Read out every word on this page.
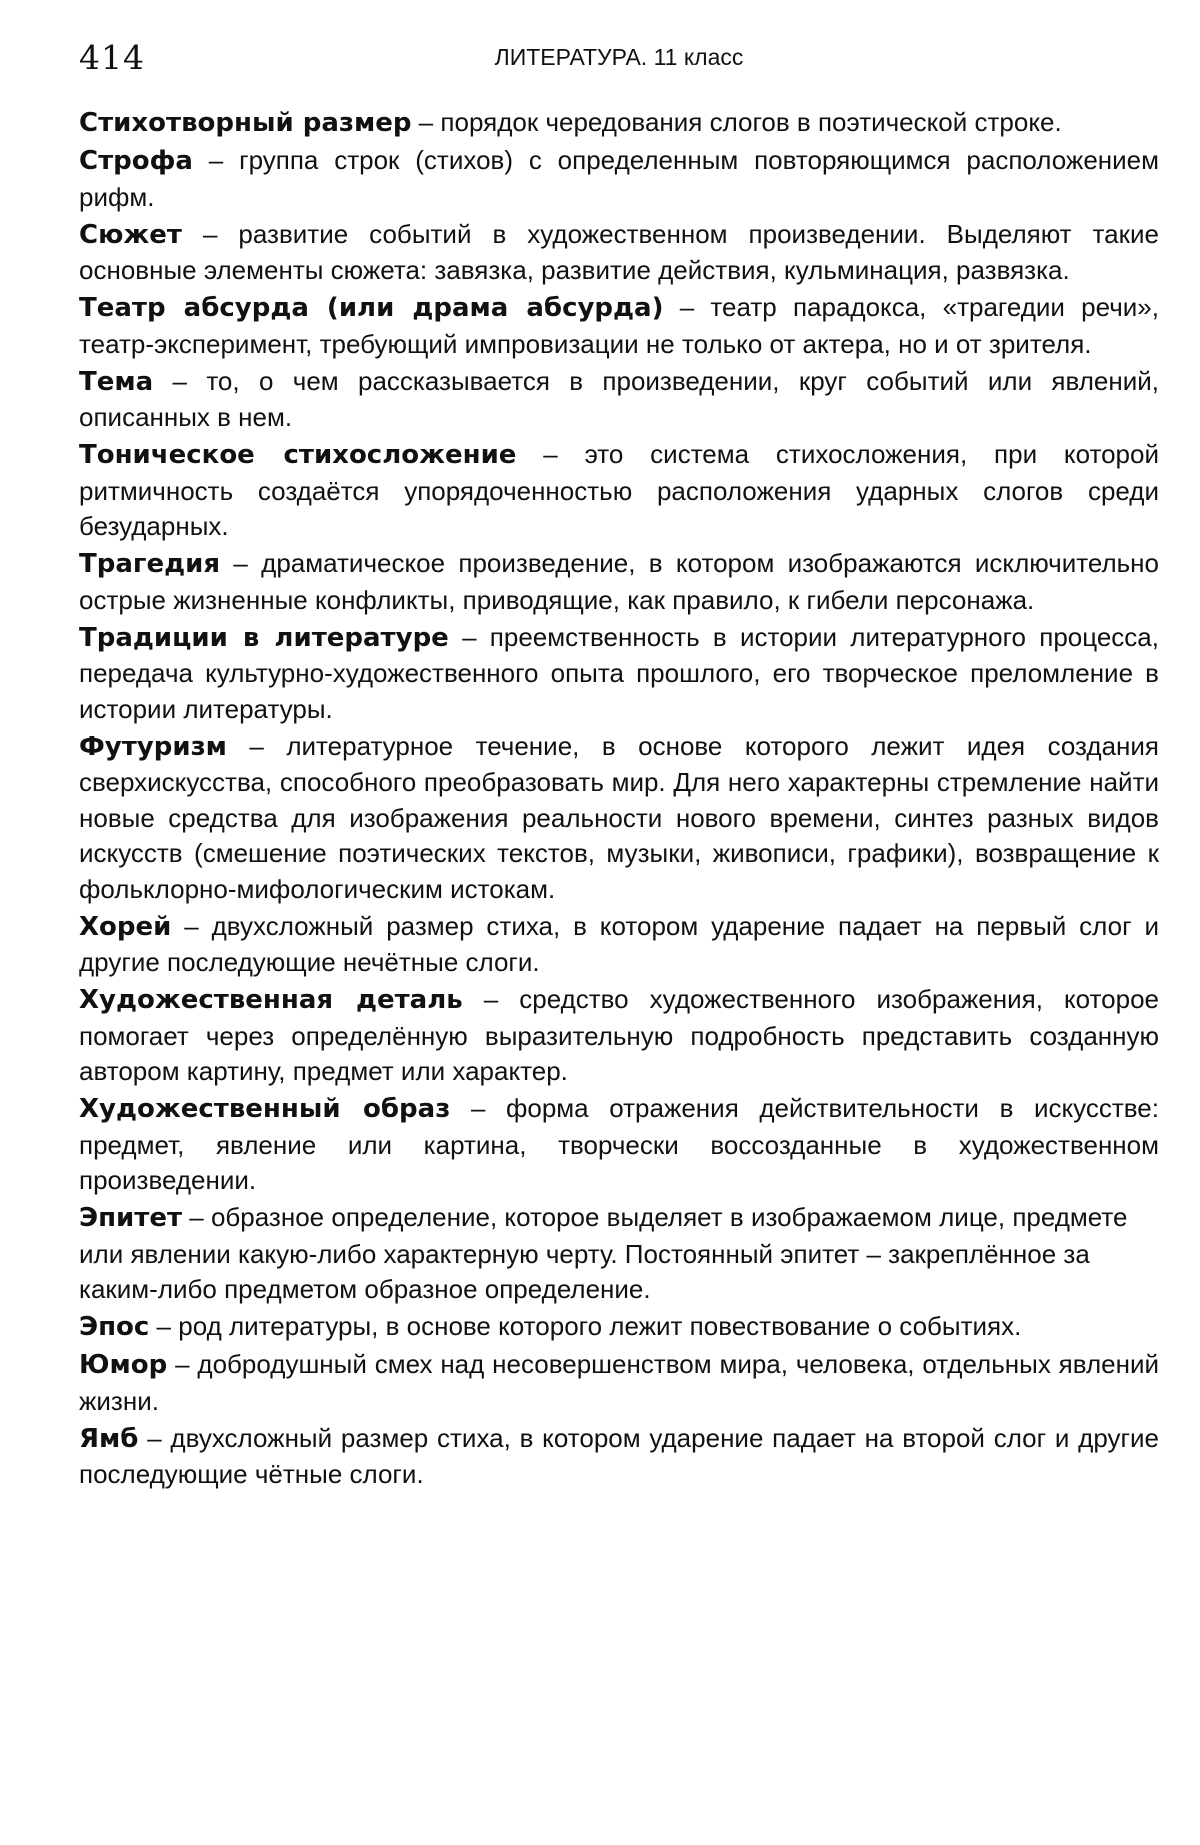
414	ЛИТЕРАТУРА. 11 класс

Стихотворный размер – порядок чередования слогов в поэтической строке.

Строфа – группа строк (стихов) с определенным повторяющимся расположением рифм.

Сюжет – развитие событий в художественном произведении. Выделяют такие основные элементы сюжета: завязка, развитие действия, кульминация, развязка.

Театр абсурда (или драма абсурда) – театр парадокса, «трагедии речи», театр-эксперимент, требующий импровизации не только от актера, но и от зрителя.

Тема – то, о чем рассказывается в произведении, круг событий или явлений, описанных в нем.

Тоническое стихосложение – это система стихосложения, при которой ритмичность создаётся упорядоченностью расположения ударных слогов среди безударных.

Трагедия – драматическое произведение, в котором изображаются исключительно острые жизненные конфликты, приводящие, как правило, к гибели персонажа.

Традиции в литературе – преемственность в истории литературного процесса, передача культурно-художественного опыта прошлого, его творческое преломление в истории литературы.

Футуризм – литературное течение, в основе которого лежит идея создания сверхискусства, способного преобразовать мир. Для него характерны стремление найти новые средства для изображения реальности нового времени, синтез разных видов искусств (смешение поэтических текстов, музыки, живописи, графики), возвращение к фольклорно-мифологическим истокам.

Хорей – двухсложный размер стиха, в котором ударение падает на первый слог и другие последующие нечётные слоги.

Художественная деталь – средство художественного изображения, которое помогает через определённую выразительную подробность представить созданную автором картину, предмет или характер.

Художественный образ – форма отражения действительности в искусстве: предмет, явление или картина, творчески воссозданные в художественном произведении.

Эпитет – образное определение, которое выделяет в изображаемом лице, предмете или явлении какую-либо характерную черту. Постоянный эпитет – закреплённое за каким-либо предметом образное определение.

Эпос – род литературы, в основе которого лежит повествование о событиях.

Юмор – добродушный смех над несовершенством мира, человека, отдельных явлений жизни.

Ямб – двухсложный размер стиха, в котором ударение падает на второй слог и другие последующие чётные слоги.
